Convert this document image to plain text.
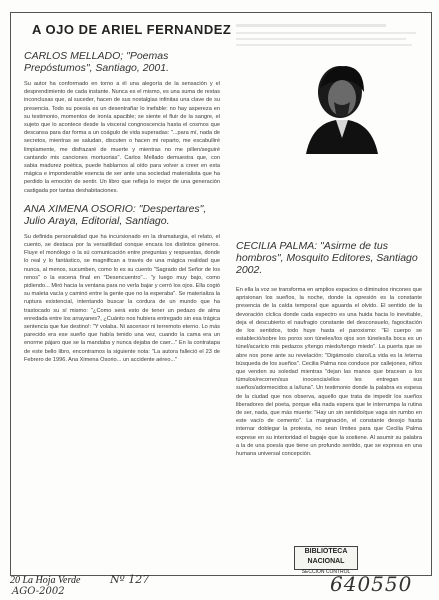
A OJO DE ARIEL FERNANDEZ

CARLOS MELLADO; "Poemas Prepóstumos", Santiago, 2001.

Su autor ha conformado en torno a él una alegoría de la sensación y el desprendimiento de cada instante. Nunca es el mismo, es una suma de restas inconclusas que, al suceder, hacen de sus nostalgias infinitas una clave de su presencia. Todo su poesía es un desentrañar lo inefable: no hay aspereza en su testimonio, momentos de ironía apacible; se siente el fluir de la sangre, el sujeto que lo acontece desde la visceral congnoscencia hasta el cosmos que descansa para dar forma a un coágulo de vida superadas: "...para mí, nada de secretos, mientras se saludan, discuten o hacen mi reparto, me escabulliré limpiamente, me disfrazaré de muerte y mientras no me pillen/seguiré cantando mis canciones mortuorias". Carlos Mellado demuestra que, con sabia madurez poética, puede hablarnos al oído para volver a creer en esta mágica e imponderable esencia de ser ante una sociedad materialista que ha perdido la emoción de sentir. Un libro que refleja lo mejor de una generación castigada por tantas deshabitaciones.

ANA XIMENA OSORIO: "Despertares", Julio Araya, Editorial, Santiago.

Su definida personalidad que ha incursionado en la dramaturgia, el relato, el cuento, se destaca por la versatilidad conque encara los distintos géneros. Fluye el monólogo o la sú comunicación entre preguntas y respuestas, donde lo real y lo fantástico, se magnifican a través de una mágica realidad que nunca, al menos, sucumben, como lo es su cuento "Sagrado del Señor de los renos" o la escena final en "Desencuentro"... "y luego muy bajo, como pidiendo... Miró hacia la ventana para no verla bajar y cerró los ojos. Ella cogió su maleta vacía y caminó entre la gente que no la esperaba". Se materializa la ruptura existencial, intentando buscar la cordura de un mundo que ha trastocado su sí mismo: "¿Como será esto de tener un pedazo de alma enredada entre los arrayanes?, ¿Cuánto nos hubiera entregado sin esa trágica sentencia que fue destino!: "Y volaba. Ni ascensor ni terremoto eterno. Lo más parecido era ese sueño que había tenido una vez, cuando la cama era un enorme pájaro que se la mandaba y nunca dejaba de caer..." En la contratapa de este bello libro, encontramos la siguiente nota: "La autora falleció el 23 de Febrero de 1996. Ana Ximena Osorio... un accidente aéreo..."

CECILIA PALMA: "Asirme de tus hombros", Mosquito Editores, Santiago 2002.

En ella la voz se transforma en amplios espacios o diminutos rincones que aprisionan los sueños, la noche, donde la opresión es la constante presencia de la caída temporal que aguarda el olvido. El sentido de la devoración cíclica donde cada espectro es una huida hacia lo inevitable, deja el descubierto el naufragio constante del desconsuelo, fagocitación de los sentidos, todo huye hasta el paroxismo: "El cuerpo se estableció/sobre los poros son túneles/los ojos son túneles/la boca es un túnel/acaricio mis pedazos y/tengo miedo/tengo miedo". La puerta que se abre nos pone ante su revelación: "Digámoslo claro/La vida es la /eterna búsqueda de los sueños". Cecilia Palma nos conduce por callejones, niños que venden su soledad mientras "dejan las manos que bracean a los túmulos/recorren/sus inocencia/ellos les entregan sus sueños/adormecidos a la/luna". Un testimonio donde la palabra es espesa de la ciudad que nos observa, aquello que trata de impedir los sueños liberadores del poeta, porque ella nada espera que le interrumpa la rutina de ser, nada, que más muerte: "Hay un sin sentido/que vaga sin rumbo en este vacío de cemento". La marginación, el constante desojo hasta internar doblegar la protesta, no sean límites para que Cecilia Palma exprese en su interioridad el bagaje que la sostiene. Al asumir su palabra a la de una poesía que tiene un profundo sentido, que se expresa en una humana universal concepción.

BIBLIOTECA
NACIONAL
SECCION CONTROL
20 La Hoja Verde	Nº 127
AGO-2002	640550
